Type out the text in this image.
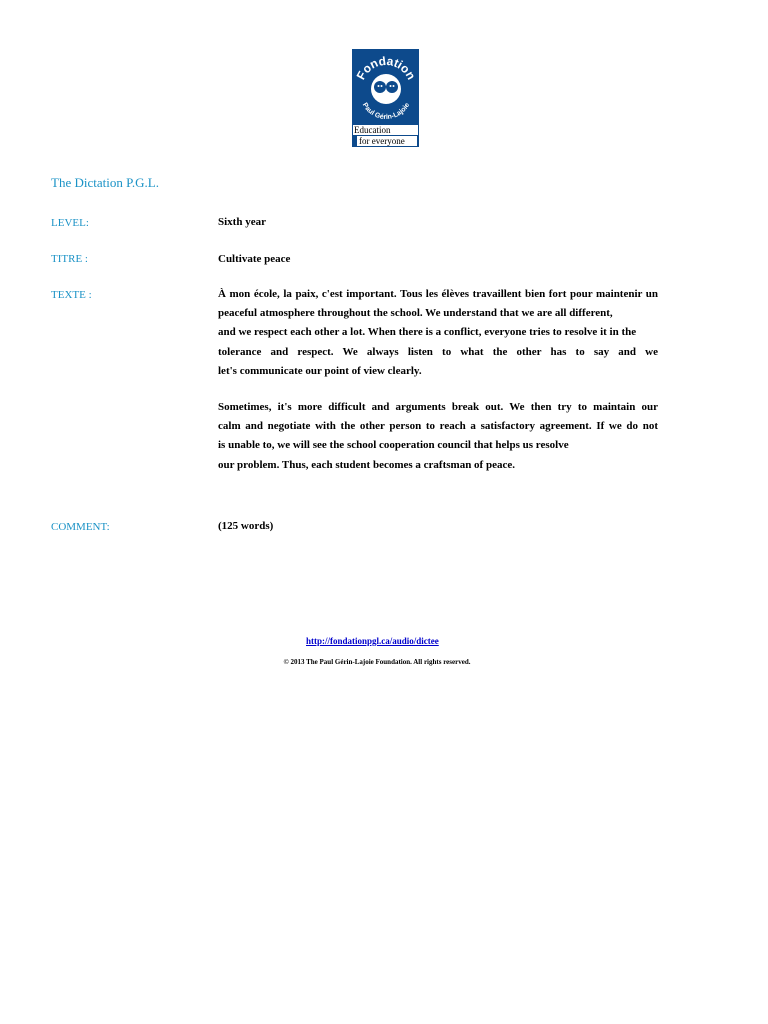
Fondation
Paul Gérin-Lajoie
Education
for everyone
The Dictation P.G.L.
LEVEL:	Sixth year
TITRE :	Cultivate peace
TEXTE :	À mon école, la paix, c'est important. Tous les élèves travaillent bien fort pour maintenir un
peaceful atmosphere throughout the school. We understand that we are all different,
and we respect each other a lot. When there is a conflict, everyone tries to resolve it in the
tolerance and respect. We always listen to what the other has to say and we
let's communicate our point of view clearly.
Sometimes, it's more difficult and arguments break out. We then try to maintain our
calm and negotiate with the other person to reach a satisfactory agreement. If we do not
is unable to, we will see the school cooperation council that helps us resolve
our problem. Thus, each student becomes a craftsman of peace.
COMMENT:	(125 words)
http://fondationpgl.ca/audio/dictee
© 2013 The Paul Gérin-Lajoie Foundation. All rights reserved.
